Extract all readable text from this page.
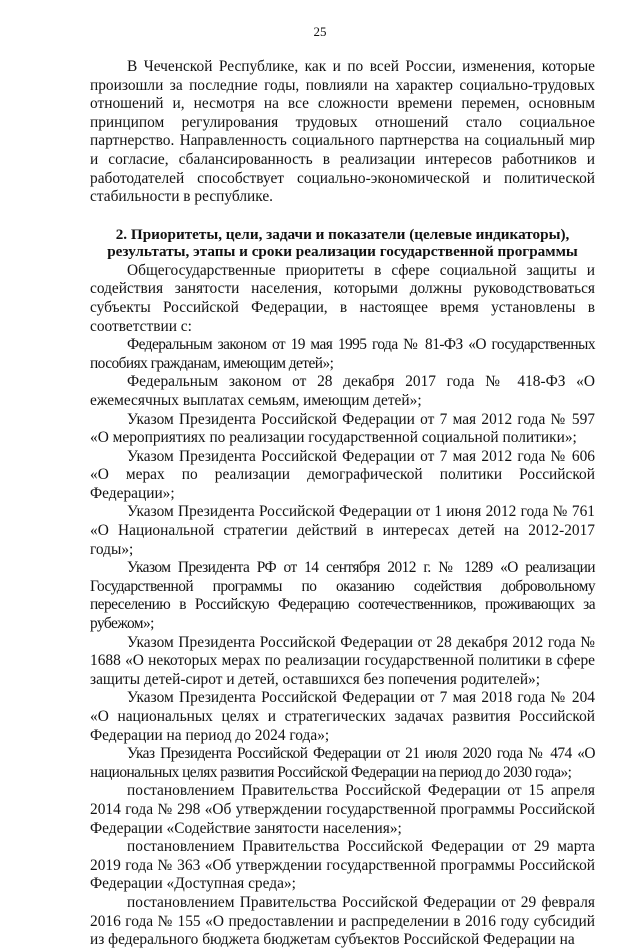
25

В Чеченской Республике, как и по всей России, изменения, которые произошли за последние годы, повлияли на характер социально-трудовых отношений и, несмотря на все сложности времени перемен, основным принципом регулирования трудовых отношений стало социальное партнерство. Направленность социального партнерства на социальный мир и согласие, сбалансированность в реализации интересов работников и работодателей способствует социально-экономической и политической стабильности в республике.

2. Приоритеты, цели, задачи и показатели (целевые индикаторы),
результаты, этапы и сроки реализации государственной программы

Общегосударственные приоритеты в сфере социальной защиты и содействия занятости населения, которыми должны руководствоваться субъекты Российской Федерации, в настоящее время установлены в соответствии с:

Федеральным законом от 19 мая 1995 года № 81-ФЗ «О государственных пособиях гражданам, имеющим детей»;

Федеральным законом от 28 декабря 2017 года № 418-ФЗ «О ежемесячных выплатах семьям, имеющим детей»;

Указом Президента Российской Федерации от 7 мая 2012 года № 597 «О мероприятиях по реализации государственной социальной политики»;

Указом Президента Российской Федерации от 7 мая 2012 года № 606 «О мерах по реализации демографической политики Российской Федерации»;

Указом Президента Российской Федерации от 1 июня 2012 года № 761 «О Национальной стратегии действий в интересах детей на 2012-2017 годы»;

Указом Президента РФ от 14 сентября 2012 г. № 1289 «О реализации Государственной программы по оказанию содействия добровольному переселению в Российскую Федерацию соотечественников, проживающих за рубежом»;

Указом Президента Российской Федерации от 28 декабря 2012 года № 1688 «О некоторых мерах по реализации государственной политики в сфере защиты детей-сирот и детей, оставшихся без попечения родителей»;

Указом Президента Российской Федерации от 7 мая 2018 года № 204 «О национальных целях и стратегических задачах развития Российской Федерации на период до 2024 года»;

Указ Президента Российской Федерации от 21 июля 2020 года № 474 «О национальных целях развития Российской Федерации на период до 2030 года»;

постановлением Правительства Российской Федерации от 15 апреля 2014 года № 298 «Об утверждении государственной программы Российской Федерации «Содействие занятости населения»;

постановлением Правительства Российской Федерации от 29 марта 2019 года № 363 «Об утверждении государственной программы Российской Федерации «Доступная среда»;

постановлением Правительства Российской Федерации от 29 февраля 2016 года № 155 «О предоставлении и распределении в 2016 году субсидий из федерального бюджета бюджетам субъектов Российской Федерации на
